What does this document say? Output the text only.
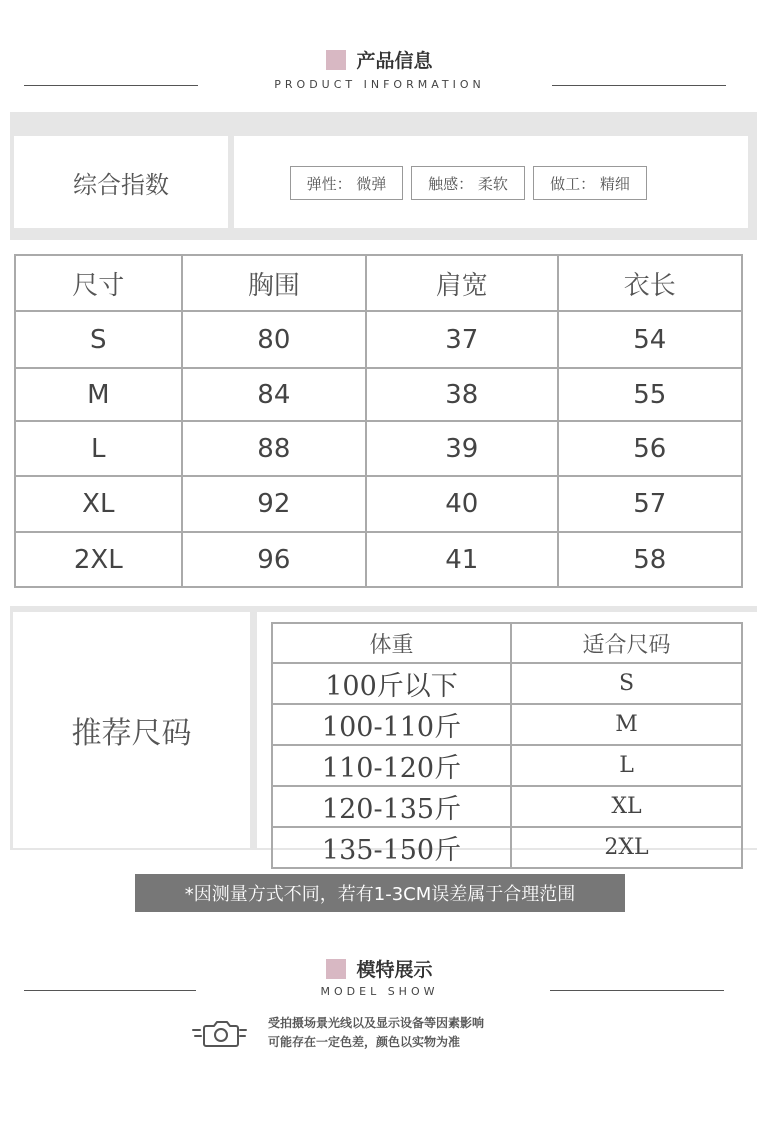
产品信息
PRODUCT INFORMATION
综合指数	弹性： 微弹	触感： 柔软	做工： 精细
尺寸	胸围	肩宽	衣长
S	80	37	54
M	84	38	55
L	88	39	56
XL	92	40	57
2XL	96	41	58
推荐尺码
体重	适合尺码
100斤以下	S
100-110斤	M
110-120斤	L
120-135斤	XL
135-150斤	2XL
*因测量方式不同，若有1-3CM误差属于合理范围
模特展示
MODEL SHOW
受拍摄场景光线以及显示设备等因素影响
可能存在一定色差，颜色以实物为准
